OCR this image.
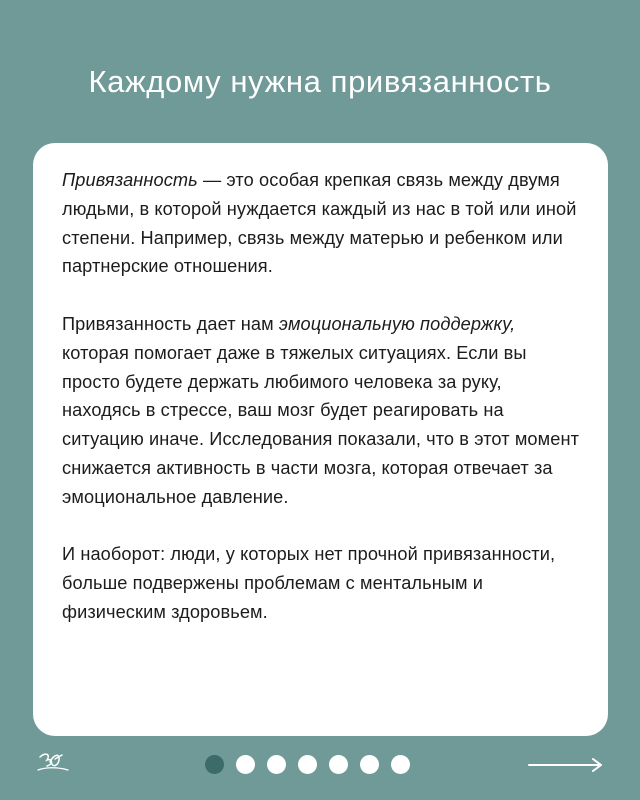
Каждому нужна привязанность

Привязанность — это особая крепкая связь между двумя людьми, в которой нуждается каждый из нас в той или иной степени. Например, связь между матерью и ребенком или партнерские отношения.

Привязанность дает нам эмоциональную поддержку, которая помогает даже в тяжелых ситуациях. Если вы просто будете держать любимого человека за руку, находясь в стрессе, ваш мозг будет реагировать на ситуацию иначе. Исследования показали, что в этот момент снижается активность в части мозга, которая отвечает за эмоциональное давление.

И наоборот: люди, у которых нет прочной привязанности, больше подвержены проблемам с ментальным и физическим здоровьем.
